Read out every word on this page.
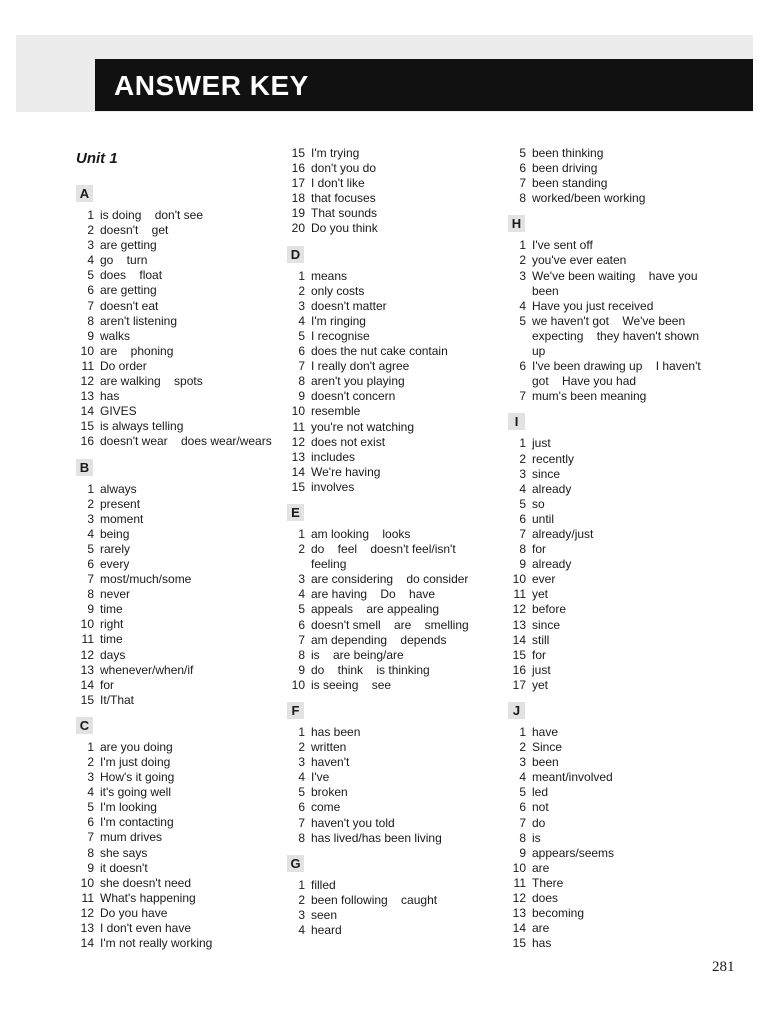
ANSWER KEY
Unit 1
A
1 is doing    don't see
2 doesn't    get
3 are getting
4 go    turn
5 does    float
6 are getting
7 doesn't eat
8 aren't listening
9 walks
10 are    phoning
11 Do order
12 are walking    spots
13 has
14 GIVES
15 is always telling
16 doesn't wear    does wear/wears
B
1 always
2 present
3 moment
4 being
5 rarely
6 every
7 most/much/some
8 never
9 time
10 right
11 time
12 days
13 whenever/when/if
14 for
15 It/That
C
1 are you doing
2 I'm just doing
3 How's it going
4 it's going well
5 I'm looking
6 I'm contacting
7 mum drives
8 she says
9 it doesn't
10 she doesn't need
11 What's happening
12 Do you have
13 I don't even have
14 I'm not really working
15 I'm trying
16 don't you do
17 I don't like
18 that focuses
19 That sounds
20 Do you think
D
1 means
2 only costs
3 doesn't matter
4 I'm ringing
5 I recognise
6 does the nut cake contain
7 I really don't agree
8 aren't you playing
9 doesn't concern
10 resemble
11 you're not watching
12 does not exist
13 includes
14 We're having
15 involves
E
1 am looking    looks
2 do    feel    doesn't feel/isn't
feeling
3 are considering    do consider
4 are having    Do    have
5 appeals    are appealing
6 doesn't smell    are    smelling
7 am depending    depends
8 is    are being/are
9 do    think    is thinking
10 is seeing    see
F
1 has been
2 written
3 haven't
4 I've
5 broken
6 come
7 haven't you told
8 has lived/has been living
G
1 filled
2 been following    caught
3 seen
4 heard
5 been thinking
6 been driving
7 been standing
8 worked/been working
H
1 I've sent off
2 you've ever eaten
3 We've been waiting    have you
been
4 Have you just received
5 we haven't got    We've been
expecting    they haven't shown
up
6 I've been drawing up    I haven't
got    Have you had
7 mum's been meaning
I
1 just
2 recently
3 since
4 already
5 so
6 until
7 already/just
8 for
9 already
10 ever
11 yet
12 before
13 since
14 still
15 for
16 just
17 yet
J
1 have
2 Since
3 been
4 meant/involved
5 led
6 not
7 do
8 is
9 appears/seems
10 are
11 There
12 does
13 becoming
14 are
15 has
281
